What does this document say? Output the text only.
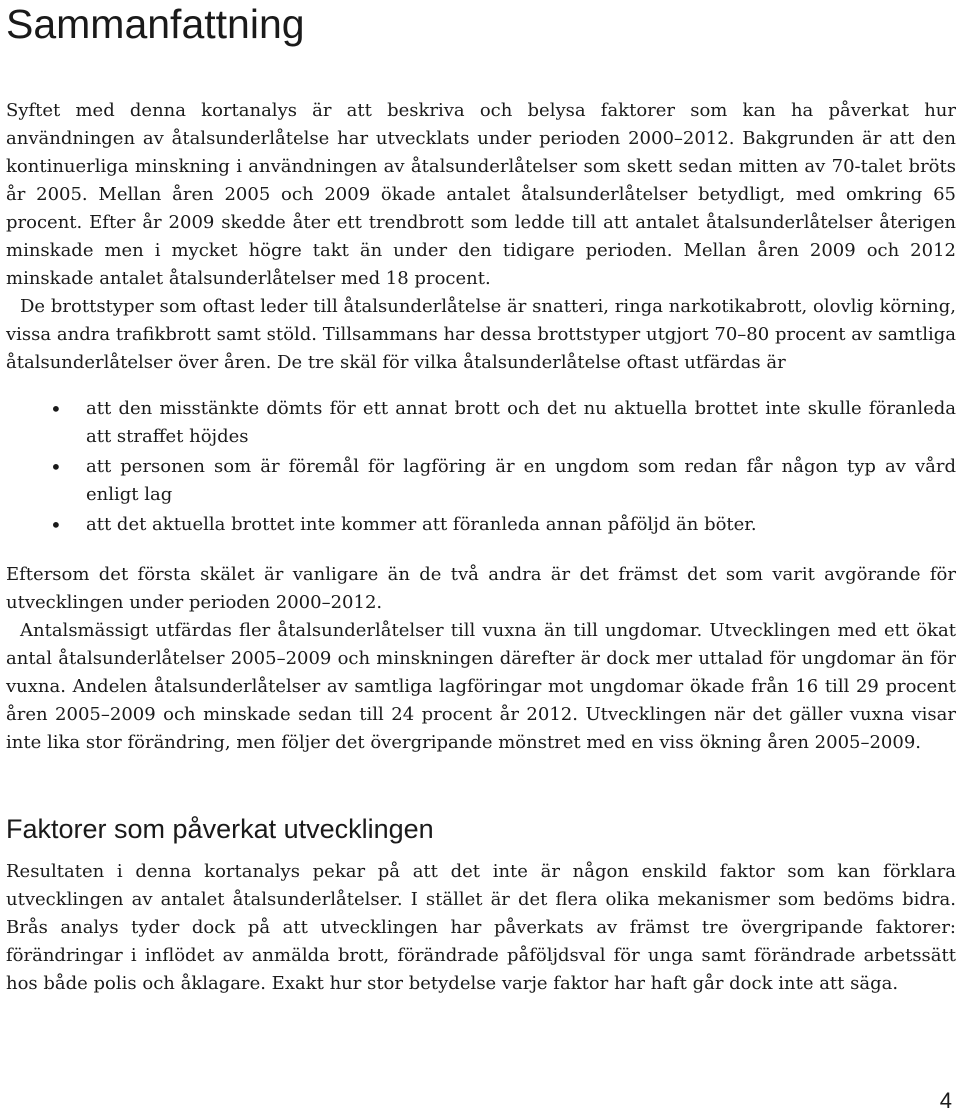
Sammanfattning

Syftet med denna kortanalys är att beskriva och belysa faktorer som kan ha påverkat hur användningen av åtalsunderlåtelse har utvecklats under perioden 2000–2012. Bakgrunden är att den kontinuerliga minskning i användningen av åtalsunderlåtelser som skett sedan mitten av 70-talet bröts år 2005. Mellan åren 2005 och 2009 ökade antalet åtalsunderlåtelser betydligt, med omkring 65 procent. Efter år 2009 skedde åter ett trendbrott som ledde till att antalet åtalsunderlåtelser återigen minskade men i mycket högre takt än under den tidigare perioden. Mellan åren 2009 och 2012 minskade antalet åtalsunderlåtelser med 18 procent.

De brottstyper som oftast leder till åtalsunderlåtelse är snatteri, ringa narkotikabrott, olovlig körning, vissa andra trafikbrott samt stöld. Tillsammans har dessa brottstyper utgjort 70–80 procent av samtliga åtalsunderlåtelser över åren. De tre skäl för vilka åtalsunderlåtelse oftast utfärdas är

•	att den misstänkte dömts för ett annat brott och det nu aktuella brottet inte skulle föranleda att straffet höjdes
•	att personen som är föremål för lagföring är en ungdom som redan får någon typ av vård enligt lag
•	att det aktuella brottet inte kommer att föranleda annan påföljd än böter.

Eftersom det första skälet är vanligare än de två andra är det främst det som varit avgörande för utvecklingen under perioden 2000–2012.

Antalsmässigt utfärdas fler åtalsunderlåtelser till vuxna än till ungdomar. Utvecklingen med ett ökat antal åtalsunderlåtelser 2005–2009 och minskningen därefter är dock mer uttalad för ungdomar än för vuxna. Andelen åtalsunderlåtelser av samtliga lagföringar mot ungdomar ökade från 16 till 29 procent åren 2005–2009 och minskade sedan till 24 procent år 2012. Utvecklingen när det gäller vuxna visar inte lika stor förändring, men följer det övergripande mönstret med en viss ökning åren 2005–2009.

Faktorer som påverkat utvecklingen

Resultaten i denna kortanalys pekar på att det inte är någon enskild faktor som kan förklara utvecklingen av antalet åtalsunderlåtelser. I stället är det flera olika mekanismer som bedöms bidra. Brås analys tyder dock på att utvecklingen har påverkats av främst tre övergripande faktorer: förändringar i inflödet av anmälda brott, förändrade påföljdsval för unga samt förändrade arbetssätt hos både polis och åklagare. Exakt hur stor betydelse varje faktor har haft går dock inte att säga.

4
